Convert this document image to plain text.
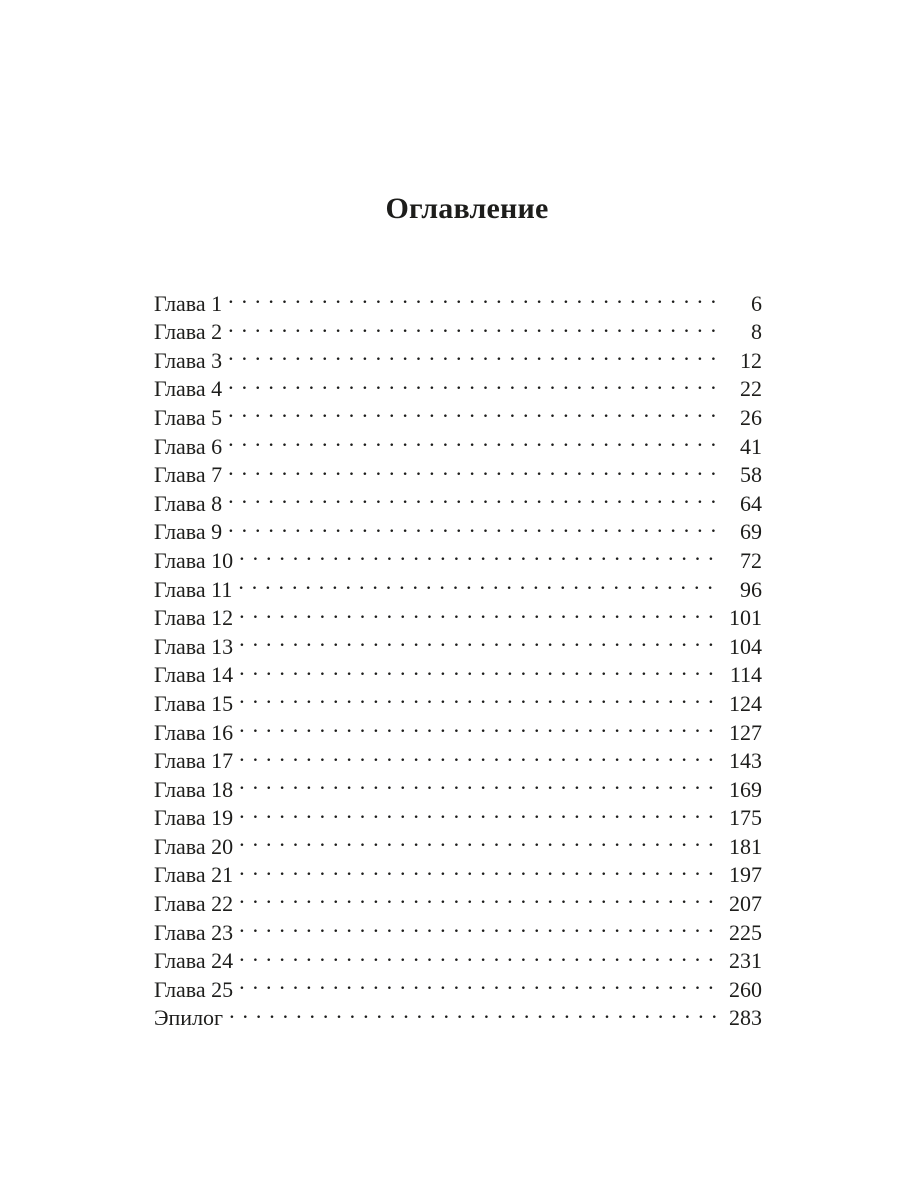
Оглавление
Глава 1 . . .	6
Глава 2 . . .	8
Глава 3 . . .	12
Глава 4 . . .	22
Глава 5 . . .	26
Глава 6 . . .	41
Глава 7 . . .	58
Глава 8 . . .	64
Глава 9 . . .	69
Глава 10 . . .	72
Глава 11 . . .	96
Глава 12 . . .	101
Глава 13 . . .	104
Глава 14 . . .	114
Глава 15 . . .	124
Глава 16 . . .	127
Глава 17 . . .	143
Глава 18 . . .	169
Глава 19 . . .	175
Глава 20 . . .	181
Глава 21 . . .	197
Глава 22 . . .	207
Глава 23 . . .	225
Глава 24 . . .	231
Глава 25 . . .	260
Эпилог . . .	283
